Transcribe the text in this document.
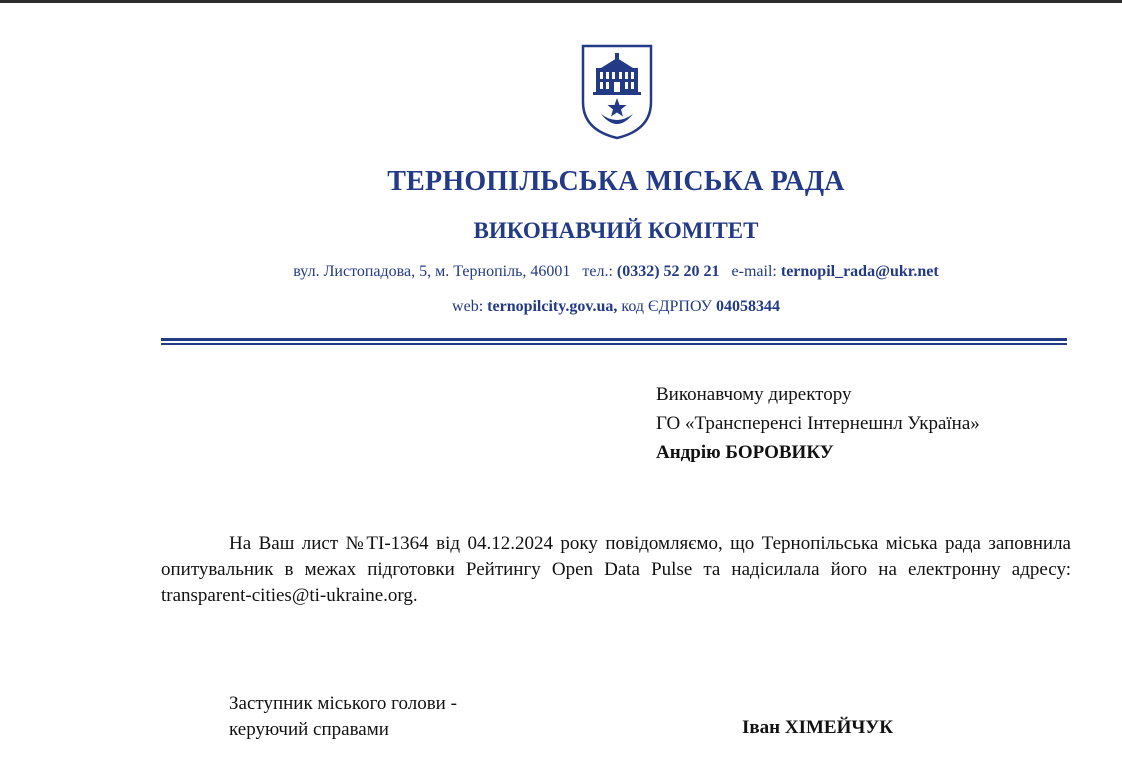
ТЕРНОПІЛЬСЬКА МІСЬКА РАДА
ВИКОНАВЧИЙ КОМІТЕТ
вул. Листопадова, 5, м. Тернопіль, 46001 тел.: (0332) 52 20 21 e-mail: ternopil_rada@ukr.net
web: ternopilcity.gov.ua, код ЄДРПОУ 04058344
Виконавчому директору
ГО «Трансперенсі Інтернешнл Україна»
Андрію БОРОВИКУ
На Ваш лист №ТІ-1364 від 04.12.2024 року повідомляємо, що Тернопільська міська рада заповнила опитувальник в межах підготовки Рейтингу Open Data Pulse та надісилала його на електронну адресу: transparent-cities@ti-ukraine.org.
Заступник міського голови -
керуючий справами	Іван ХІМЕЙЧУК
